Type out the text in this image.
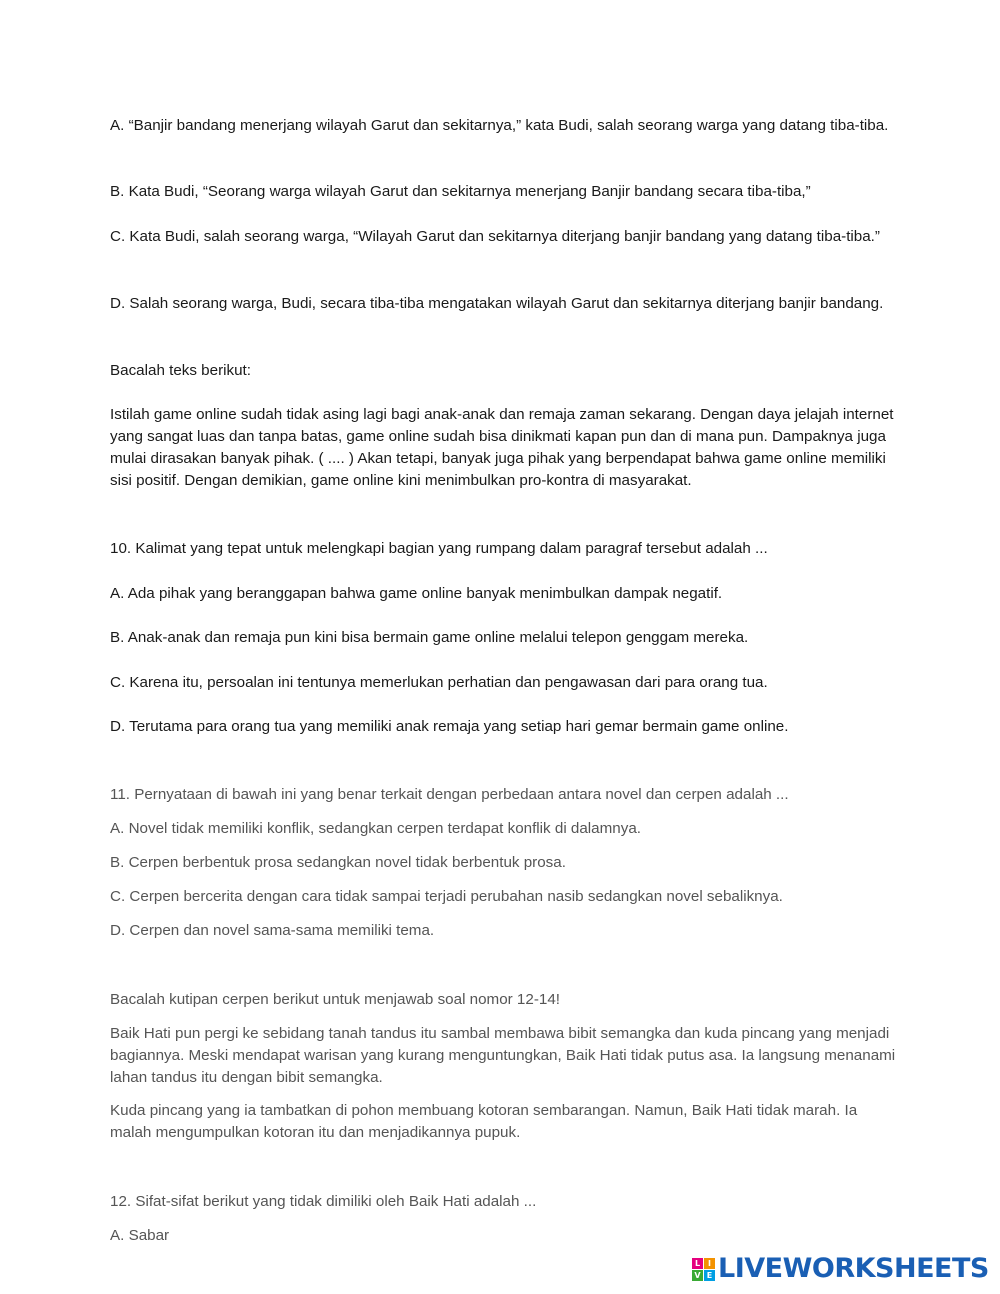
A. “Banjir bandang menerjang wilayah Garut dan sekitarnya,” kata Budi, salah seorang warga yang datang tiba-tiba.

B. Kata Budi, “Seorang warga wilayah Garut dan sekitarnya menerjang Banjir bandang secara tiba-tiba,”

C. Kata Budi, salah seorang warga, “Wilayah Garut dan sekitarnya diterjang banjir bandang yang datang tiba-tiba.”

D. Salah seorang warga, Budi, secara tiba-tiba mengatakan wilayah Garut dan sekitarnya diterjang banjir bandang.

Bacalah teks berikut:

Istilah game online sudah tidak asing lagi bagi anak-anak dan remaja zaman sekarang. Dengan daya jelajah internet yang sangat luas dan tanpa batas, game online sudah bisa dinikmati kapan pun dan di mana pun. Dampaknya juga mulai dirasakan banyak pihak. ( .... ) Akan tetapi, banyak juga pihak yang berpendapat bahwa game online memiliki sisi positif. Dengan demikian, game online kini menimbulkan pro-kontra di masyarakat.

10. Kalimat yang tepat untuk melengkapi bagian yang rumpang dalam paragraf tersebut adalah ...

A. Ada pihak yang beranggapan bahwa game online banyak menimbulkan dampak negatif.

B. Anak-anak dan remaja pun kini bisa bermain game online melalui telepon genggam mereka.

C. Karena itu, persoalan ini tentunya memerlukan perhatian dan pengawasan dari para orang tua.

D. Terutama para orang tua yang memiliki anak remaja yang setiap hari gemar bermain game online.

11. Pernyataan di bawah ini yang benar terkait dengan perbedaan antara novel dan cerpen adalah ...

A. Novel tidak memiliki konflik, sedangkan cerpen terdapat konflik di dalamnya.

B. Cerpen berbentuk prosa sedangkan novel tidak berbentuk prosa.

C. Cerpen bercerita dengan cara tidak sampai terjadi perubahan nasib sedangkan novel sebaliknya.

D. Cerpen dan novel sama-sama memiliki tema.

Bacalah kutipan cerpen berikut untuk menjawab soal nomor 12-14!

Baik Hati pun pergi ke sebidang tanah tandus itu sambal membawa bibit semangka dan kuda pincang yang menjadi bagiannya. Meski mendapat warisan yang kurang menguntungkan, Baik Hati tidak putus asa. Ia langsung menanami lahan tandus itu dengan bibit semangka.

Kuda pincang yang ia tambatkan di pohon membuang kotoran sembarangan. Namun, Baik Hati tidak marah. Ia malah mengumpulkan kotoran itu dan menjadikannya pupuk.

12. Sifat-sifat berikut yang tidak dimiliki oleh Baik Hati adalah ...

A. Sabar

L I
V E LIVEWORKSHEETS
